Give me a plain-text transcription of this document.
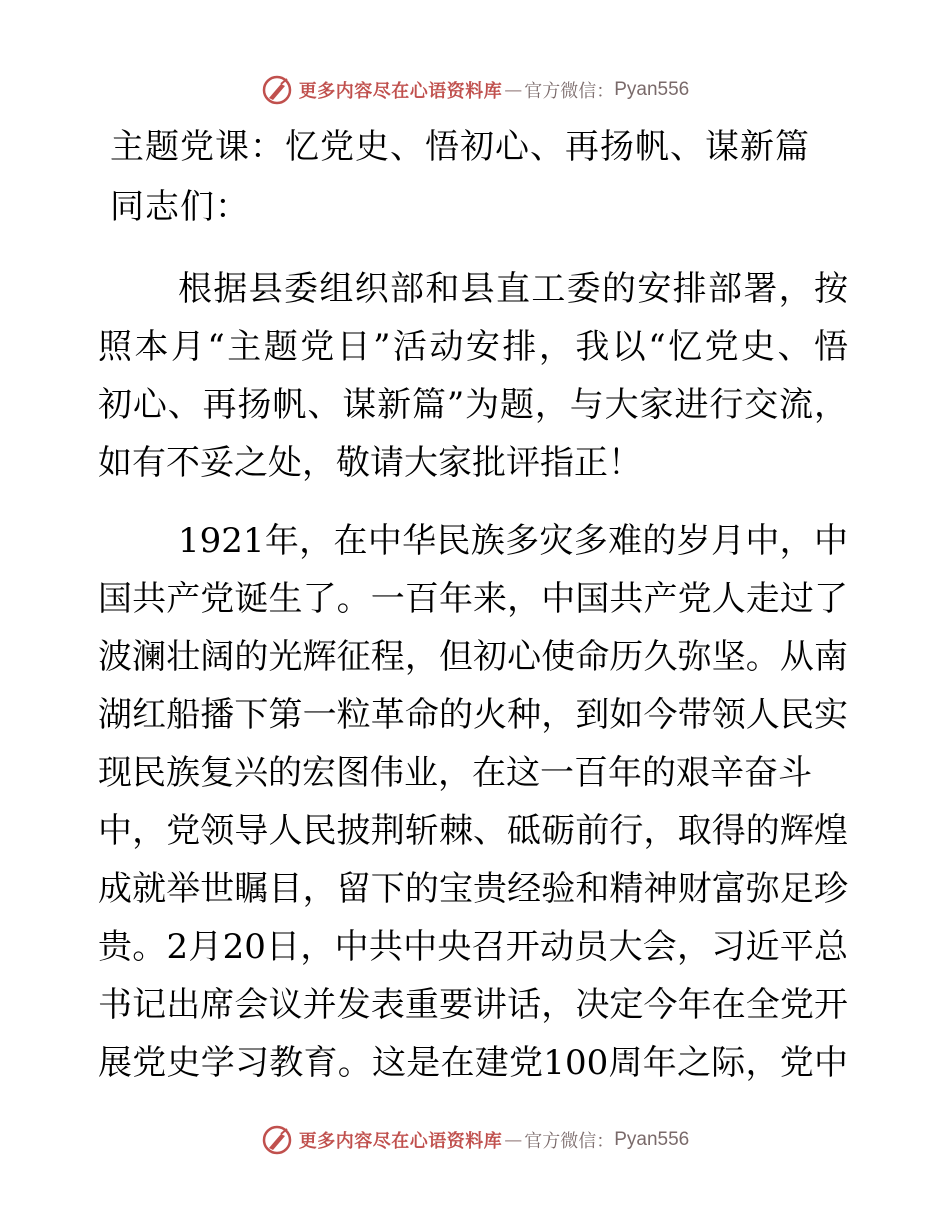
更多内容尽在心语资料库 — 官方微信： Pyan556
主题党课：忆党史、悟初心、再扬帆、谋新篇

同志们：

根据县委组织部和县直工委的安排部署，按
照本月“主题党日”活动安排，我以“忆党史、悟
初心、再扬帆、谋新篇”为题，与大家进行交流，
如有不妥之处，敬请大家批评指正！
1921年，在中华民族多灾多难的岁月中，中
国共产党诞生了。一百年来，中国共产党人走过了
波澜壮阔的光辉征程，但初心使命历久弥坚。从南
湖红船播下第一粒革命的火种，到如今带领人民实
现民族复兴的宏图伟业，在这一百年的艰辛奋斗
中，党领导人民披荆斩棘、砥砺前行，取得的辉煌
成就举世瞩目，留下的宝贵经验和精神财富弥足珍
贵。2月20日，中共中央召开动员大会，习近平总
书记出席会议并发表重要讲话，决定今年在全党开
展党史学习教育。这是在建党100周年之际，党中
更多内容尽在心语资料库 — 官方微信： Pyan556
